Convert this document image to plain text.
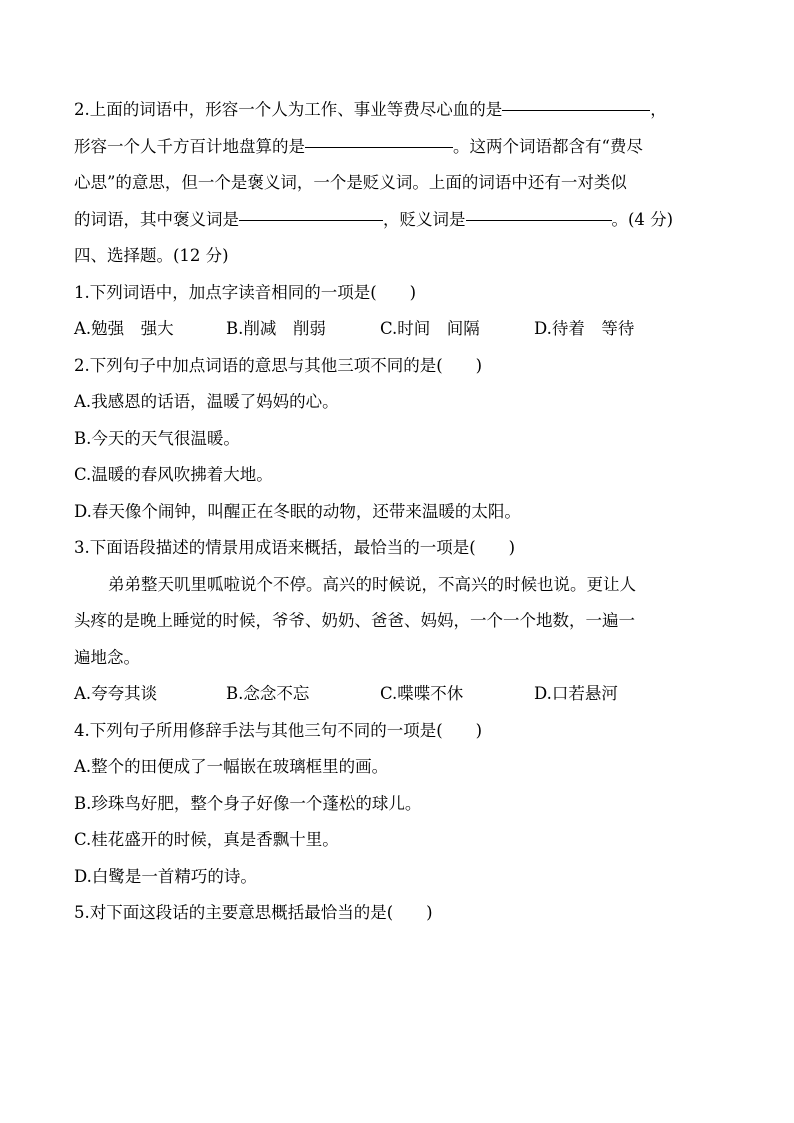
2.上面的词语中，形容一个人为工作、事业等费尽心血的是	，
形容一个人千方百计地盘算的是	。这两个词语都含有“费尽
心思”的意思，但一个是褒义词，一个是贬义词。上面的词语中还有一对类似
的词语，其中褒义词是	，贬义词是	。(4 分)
四、选择题。(12 分)
1.下列词语中，加点字读音相同的一项是(　　)
A.勉强　强大	B.削减　削弱	C.时间　间隔	D.待着　等待
2.下列句子中加点词语的意思与其他三项不同的是(　　)
A.我感恩的话语，温暖了妈妈的心。
B.今天的天气很温暖。
C.温暖的春风吹拂着大地。
D.春天像个闹钟，叫醒正在冬眠的动物，还带来温暖的太阳。
3.下面语段描述的情景用成语来概括，最恰当的一项是(　　)
弟弟整天叽里呱啦说个不停。高兴的时候说，不高兴的时候也说。更让人
头疼的是晚上睡觉的时候，爷爷、奶奶、爸爸、妈妈，一个一个地数，一遍一
遍地念。
A.夸夸其谈	B.念念不忘	C.喋喋不休	D.口若悬河
4.下列句子所用修辞手法与其他三句不同的一项是(　　)
A.整个的田便成了一幅嵌在玻璃框里的画。
B.珍珠鸟好肥，整个身子好像一个蓬松的球儿。
C.桂花盛开的时候，真是香飘十里。
D.白鹭是一首精巧的诗。
5.对下面这段话的主要意思概括最恰当的是(　　)
